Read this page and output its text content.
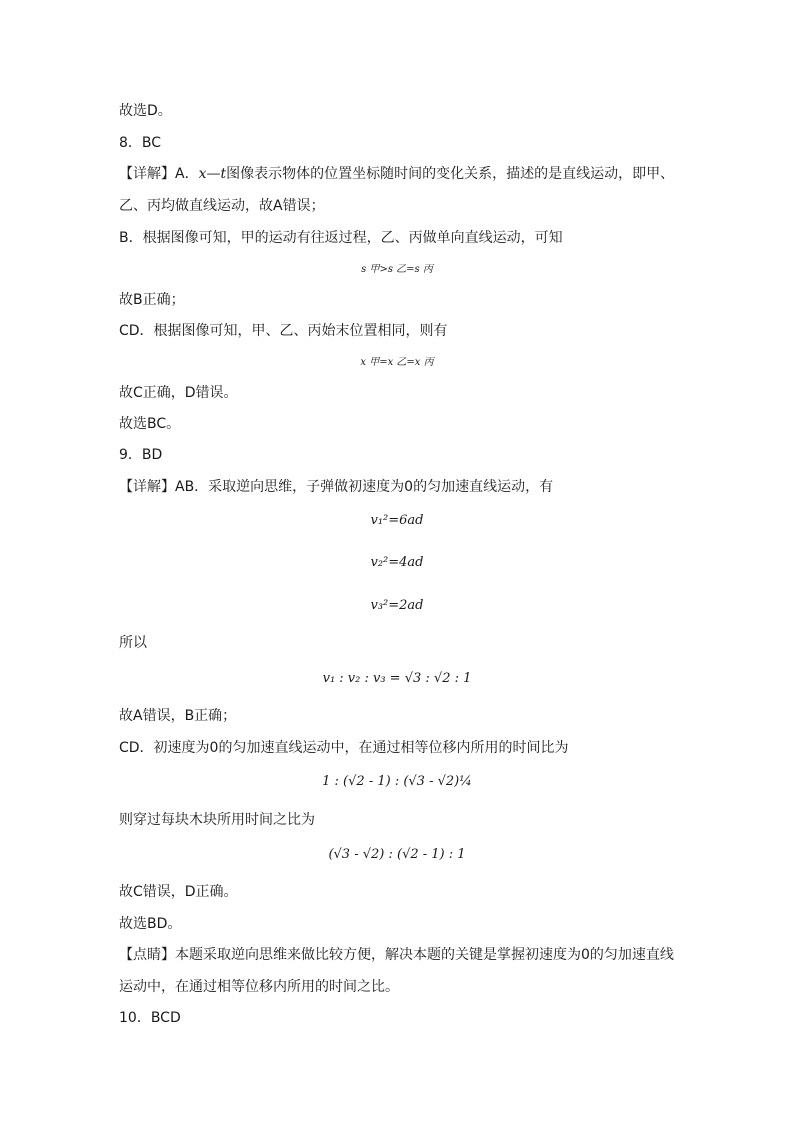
故选D。
8．BC
【详解】A．x—t图像表示物体的位置坐标随时间的变化关系，描述的是直线运动，即甲、
乙、丙均做直线运动，故A错误；
B．根据图像可知，甲的运动有往返过程，乙、丙做单向直线运动，可知
s 甲>s 乙=s 丙
故B正确；
CD．根据图像可知，甲、乙、丙始末位置相同，则有
x 甲=x 乙=x 丙
故C正确，D错误。
故选BC。
9．BD
【详解】AB．采取逆向思维，子弹做初速度为0的匀加速直线运动，有
v₁²=6ad
v₂²=4ad
v₃²=2ad
所以
v₁ : v₂ : v₃ = √3 : √2 : 1
故A错误，B正确；
CD．初速度为0的匀加速直线运动中，在通过相等位移内所用的时间比为
1 : (√2 - 1) : (√3 - √2)¼
则穿过每块木块所用时间之比为
(√3 - √2) : (√2 - 1) : 1
故C错误，D正确。
故选BD。
【点睛】本题采取逆向思维来做比较方便，解决本题的关键是掌握初速度为0的匀加速直线
运动中，在通过相等位移内所用的时间之比。
10．BCD
